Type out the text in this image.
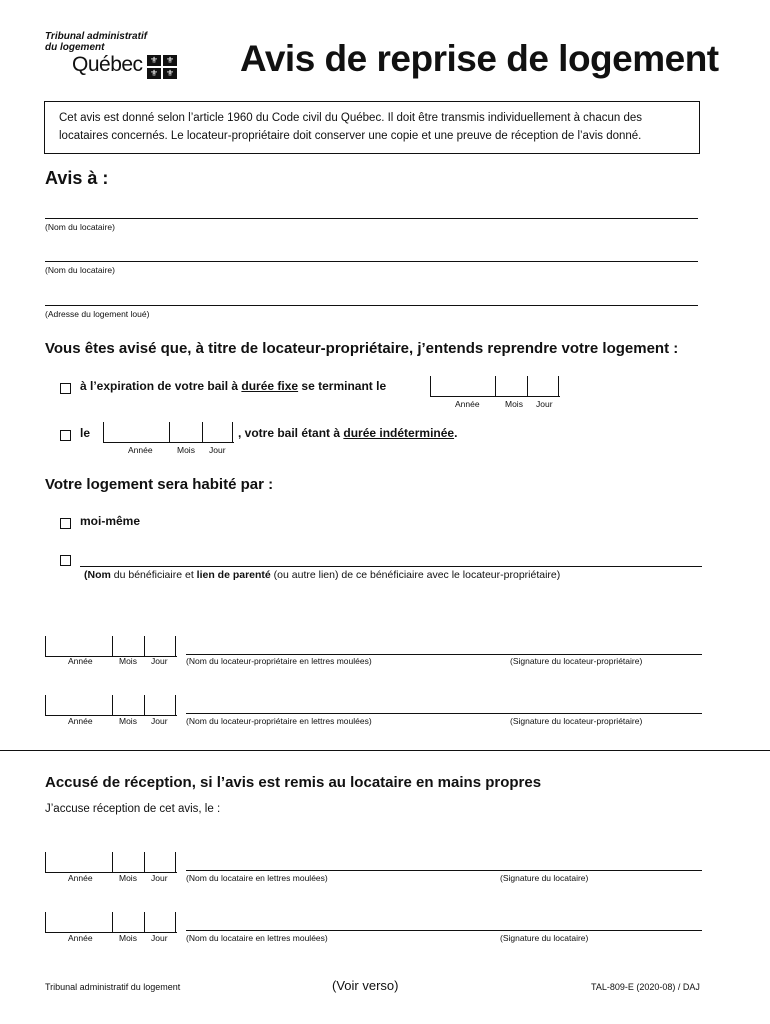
Tribunal administratif
du logement
Québec ⚜ ⚜
⚜ ⚜ Avis de reprise de logement
Cet avis est donné selon l’article 1960 du Code civil du Québec. Il doit être transmis individuellement à chacun des locataires concernés. Le locateur-propriétaire doit conserver une copie et une preuve de réception de l’avis donné.
Avis à :
(Nom du locataire)
(Nom du locataire)
(Adresse du logement loué)
Vous êtes avisé que, à titre de locateur-propriétaire, j’entends reprendre votre logement :
à l’expiration de votre bail à durée fixe se terminant le
Année	Mois Jour
le	, votre bail étant à durée indéterminée.
Année	Mois Jour
Votre logement sera habité par :
moi-même
(Nom du bénéficiaire et lien de parenté (ou autre lien) de ce bénéficiaire avec le locateur-propriétaire)
Année	Mois Jour (Nom du locateur-propriétaire en lettres moulées)	(Signature du locateur-propriétaire)
Année	Mois Jour (Nom du locateur-propriétaire en lettres moulées)	(Signature du locateur-propriétaire)
Accusé de réception, si l’avis est remis au locataire en mains propres
J’accuse réception de cet avis, le :
Année	Mois Jour (Nom du locataire en lettres moulées)	(Signature du locataire)
Année	Mois Jour (Nom du locataire en lettres moulées)	(Signature du locataire)
Tribunal administratif du logement	(Voir verso)	TAL-809-E (2020-08) / DAJ
